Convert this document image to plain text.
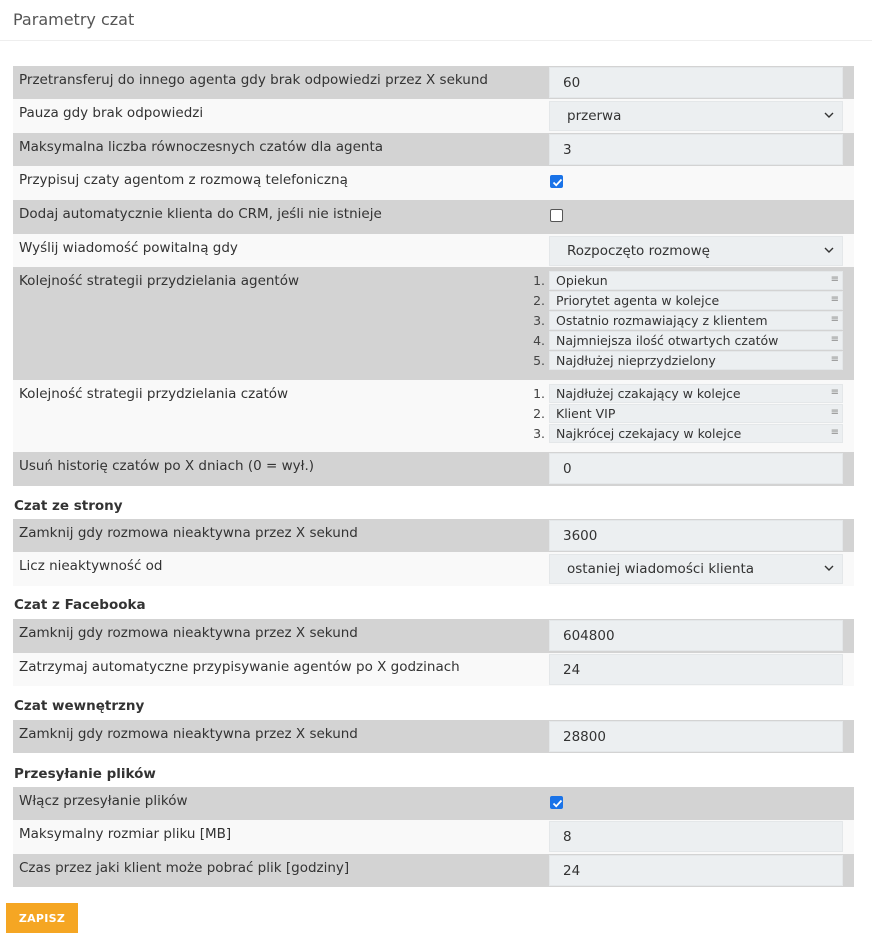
Parametry czat
Przetransferuj do innego agenta gdy brak odpowiedzi przez X sekund	60
Pauza gdy brak odpowiedzi	przerwa
Maksymalna liczba równoczesnych czatów dla agenta	3
Przypisuj czaty agentom z rozmową telefoniczną
Dodaj automatycznie klienta do CRM, jeśli nie istnieje
Wyślij wiadomość powitalną gdy	Rozpoczęto rozmowę
Kolejność strategii przydzielania agentów	1. Opiekun	≡
2. Priorytet agenta w kolejce	≡
3. Ostatnio rozmawiający z klientem	≡
4. Najmniejsza ilość otwartych czatów	≡
5. Najdłużej nieprzydzielony	≡
Kolejność strategii przydzielania czatów	1. Najdłużej czakający w kolejce	≡
2. Klient VIP	≡
3. Najkrócej czekajacy w kolejce	≡
Usuń historię czatów po X dniach (0 = wył.)	0
Czat ze strony
Zamknij gdy rozmowa nieaktywna przez X sekund	3600
Licz nieaktywność od	ostaniej wiadomości klienta
Czat z Facebooka
Zamknij gdy rozmowa nieaktywna przez X sekund	604800
Zatrzymaj automatyczne przypisywanie agentów po X godzinach	24
Czat wewnętrzny
Zamknij gdy rozmowa nieaktywna przez X sekund	28800
Przesyłanie plików
Włącz przesyłanie plików
Maksymalny rozmiar pliku [MB]	8
Czas przez jaki klient może pobrać plik [godziny]	24
ZAPISZ
